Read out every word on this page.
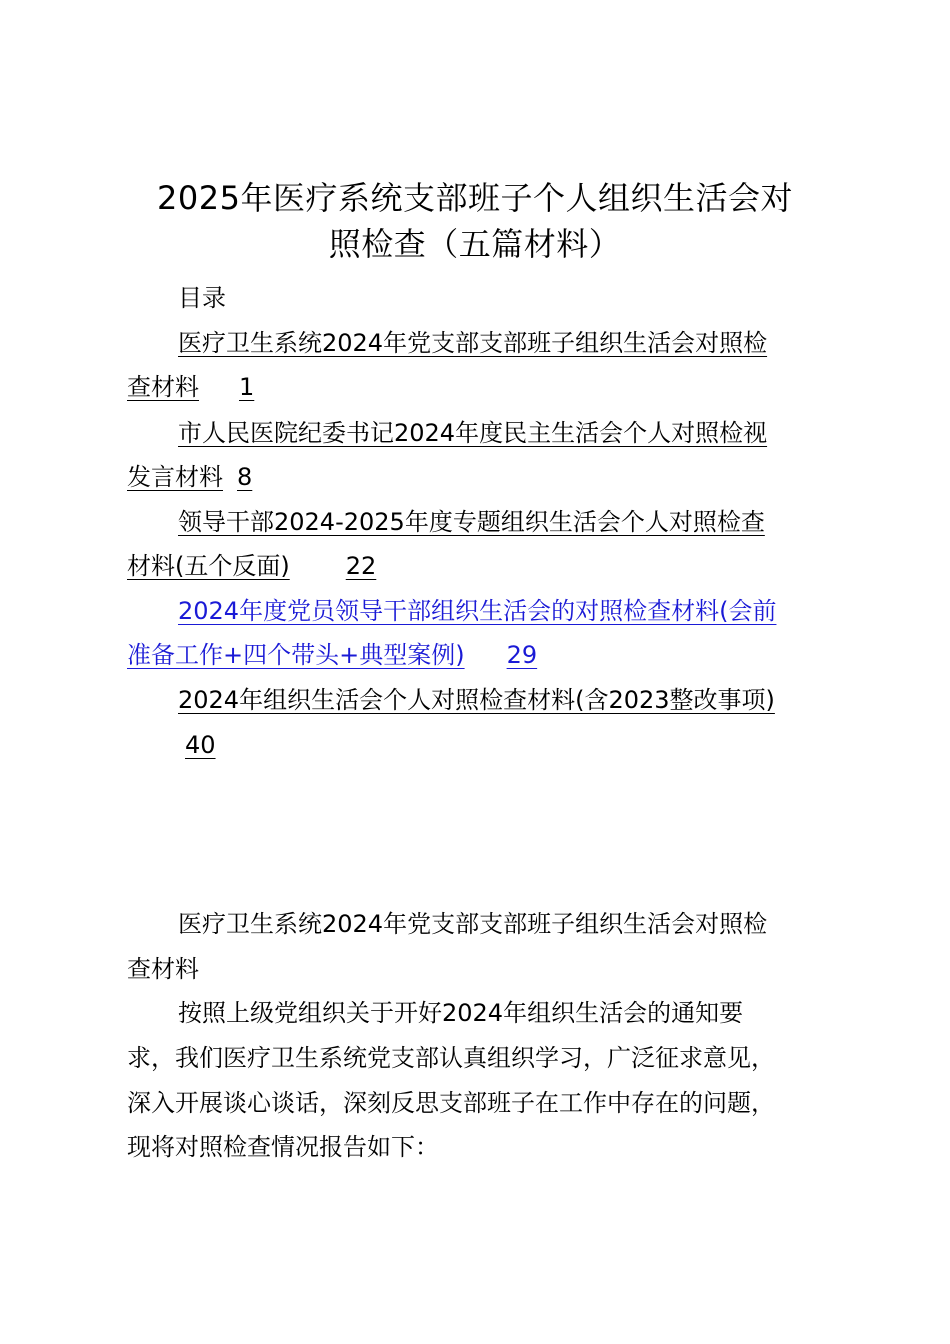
2025年医疗系统支部班子个人组织生活会对
照检查（五篇材料）
目录
医疗卫生系统2024年党支部支部班子组织生活会对照检
查材料 1
市人民医院纪委书记2024年度民主生活会个人对照检视
发言材料 8
领导干部2024-2025年度专题组织生活会个人对照检查
材料(五个反面) 22
2024年度党员领导干部组织生活会的对照检查材料(会前
准备工作+四个带头+典型案例) 29
2024年组织生活会个人对照检查材料(含2023整改事项)
40
医疗卫生系统2024年党支部支部班子组织生活会对照检
查材料
按照上级党组织关于开好2024年组织生活会的通知要
求，我们医疗卫生系统党支部认真组织学习，广泛征求意见，
深入开展谈心谈话，深刻反思支部班子在工作中存在的问题，
现将对照检查情况报告如下：
